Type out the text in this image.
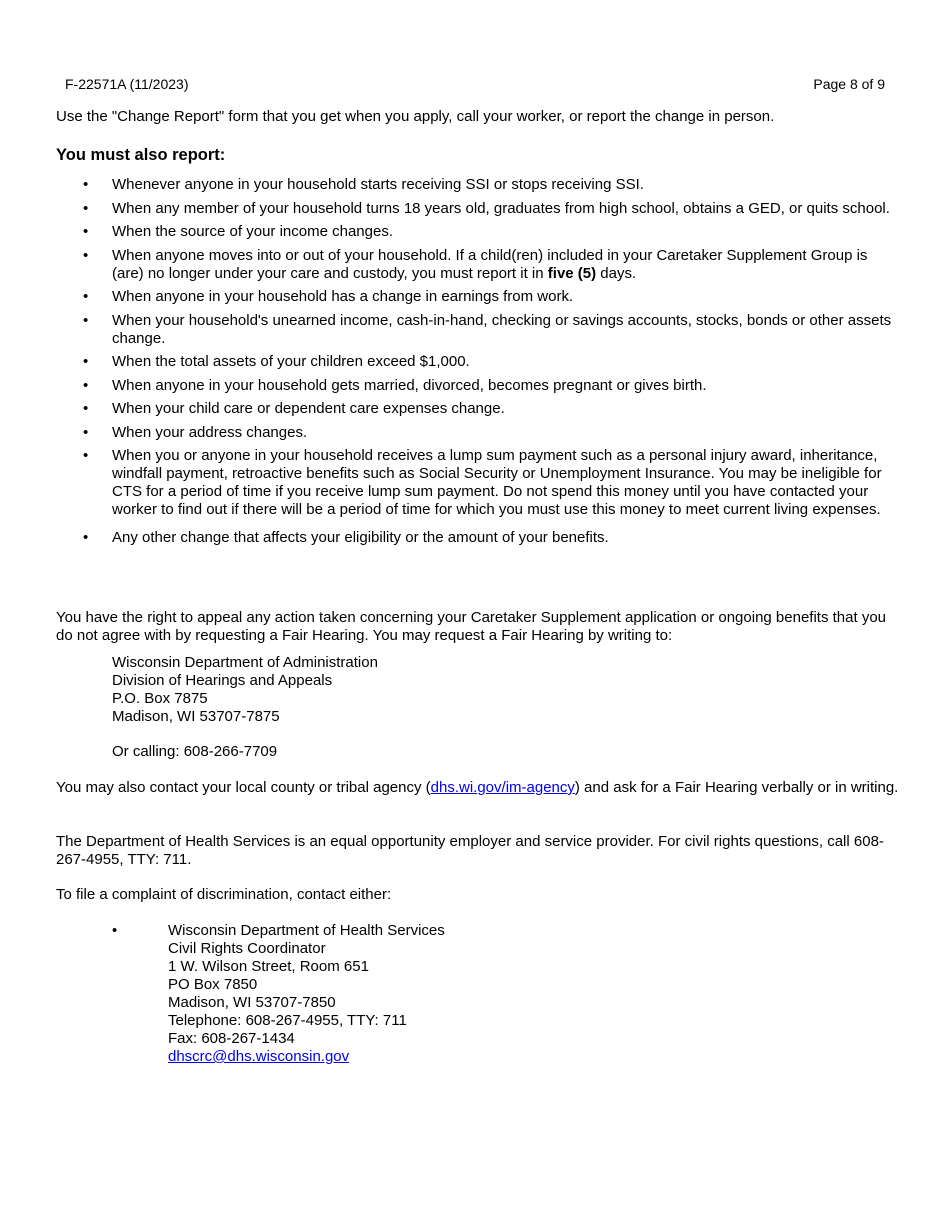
F-22571A (11/2023)	Page 8 of 9
Use the "Change Report" form that you get when you apply, call your worker, or report the change in person.
You must also report:
• Whenever anyone in your household starts receiving SSI or stops receiving SSI.
• When any member of your household turns 18 years old, graduates from high school, obtains a GED, or quits school.
• When the source of your income changes.
• When anyone moves into or out of your household. If a child(ren) included in your Caretaker Supplement Group is (are) no longer under your care and custody, you must report it in five (5) days.
• When anyone in your household has a change in earnings from work.
• When your household's unearned income, cash-in-hand, checking or savings accounts, stocks, bonds or other assets change.
• When the total assets of your children exceed $1,000.
• When anyone in your household gets married, divorced, becomes pregnant or gives birth.
• When your child care or dependent care expenses change.
• When your address changes.
• When you or anyone in your household receives a lump sum payment such as a personal injury award, inheritance, windfall payment, retroactive benefits such as Social Security or Unemployment Insurance. You may be ineligible for CTS for a period of time if you receive lump sum payment. Do not spend this money until you have contacted your worker to find out if there will be a period of time for which you must use this money to meet current living expenses.
• Any other change that affects your eligibility or the amount of your benefits.
You have the right to appeal any action taken concerning your Caretaker Supplement application or ongoing benefits that you do not agree with by requesting a Fair Hearing. You may request a Fair Hearing by writing to:
Wisconsin Department of Administration
Division of Hearings and Appeals
P.O. Box 7875
Madison, WI 53707-7875
Or calling: 608-266-7709
You may also contact your local county or tribal agency (dhs.wi.gov/im-agency) and ask for a Fair Hearing verbally or in writing.
The Department of Health Services is an equal opportunity employer and service provider. For civil rights questions, call 608-267-4955, TTY: 711.
To file a complaint of discrimination, contact either:
•	Wisconsin Department of Health Services
Civil Rights Coordinator
1 W. Wilson Street, Room 651
PO Box 7850
Madison, WI 53707-7850
Telephone: 608-267-4955, TTY: 711
Fax: 608-267-1434
dhscrc@dhs.wisconsin.gov
